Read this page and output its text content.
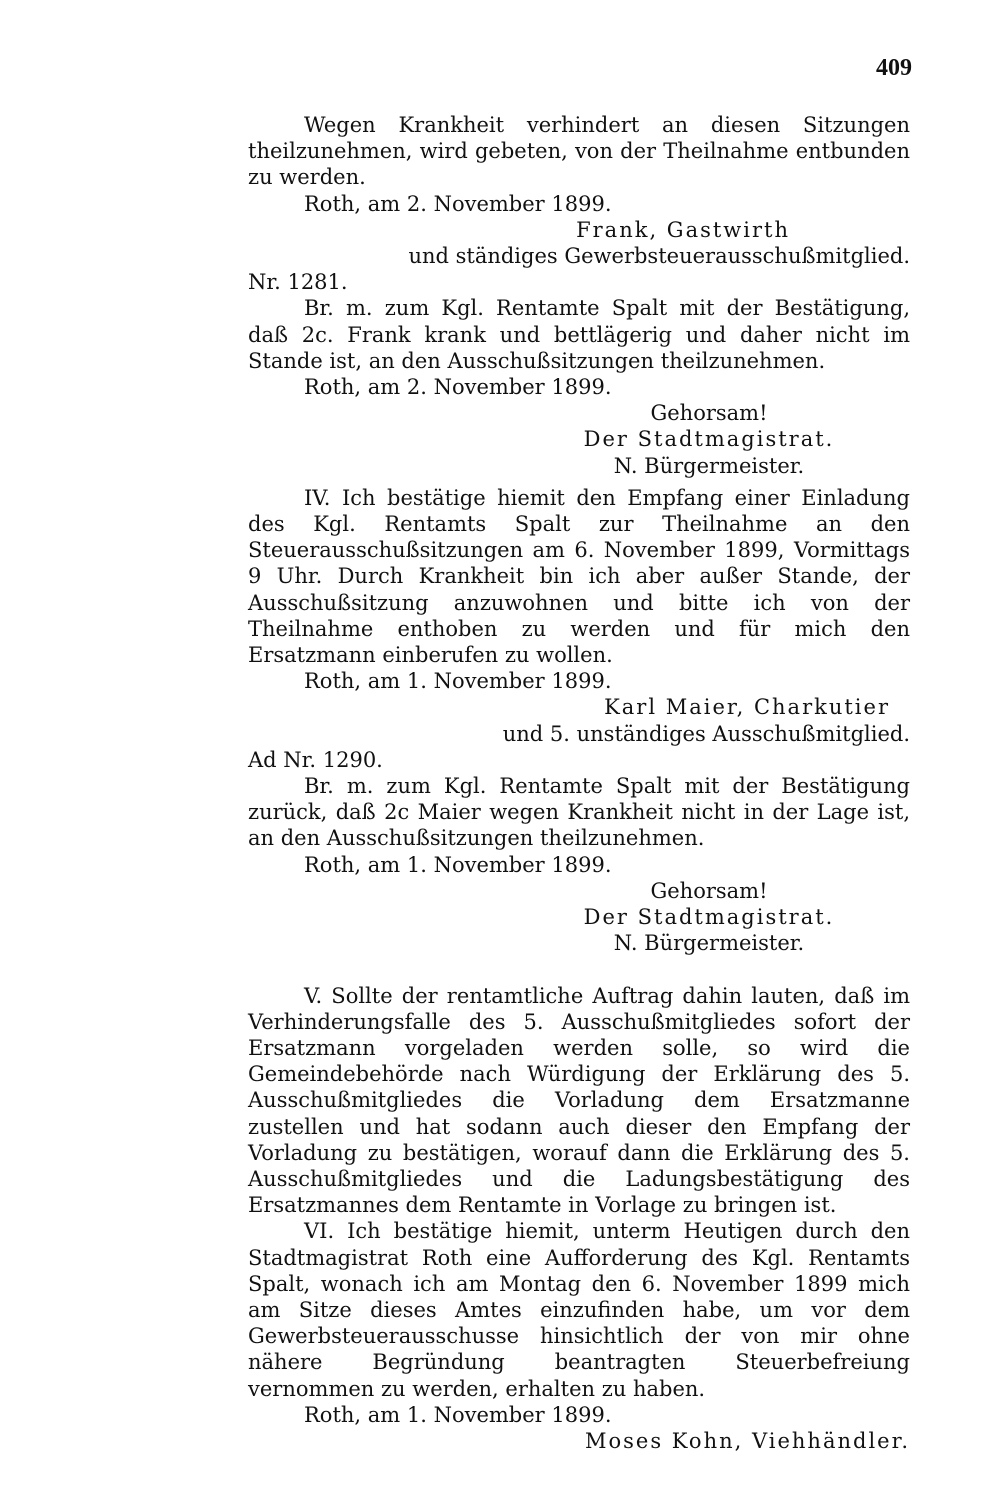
409

Wegen Krankheit verhindert an diesen Sitzungen theilzunehmen, wird gebeten, von der Theilnahme entbunden zu werden.

Roth, am 2. November 1899.

Frank, Gastwirth

und ständiges Gewerbsteuerausschußmitglied.

Nr. 1281.

Br. m. zum Kgl. Rentamte Spalt mit der Bestätigung, daß 2c. Frank krank und bettlägerig und daher nicht im Stande ist, an den Ausschußsitzungen theilzunehmen.

Roth, am 2. November 1899.

Gehorsam!

Der Stadtmagistrat.

N. Bürgermeister.

IV. Ich bestätige hiemit den Empfang einer Einladung des Kgl. Rentamts Spalt zur Theilnahme an den Steuerausschußsitzungen am 6. November 1899, Vormittags 9 Uhr. Durch Krankheit bin ich aber außer Stande, der Ausschußsitzung anzuwohnen und bitte ich von der Theilnahme enthoben zu werden und für mich den Ersatzmann einberufen zu wollen.

Roth, am 1. November 1899.

Karl Maier, Charkutier

und 5. unständiges Ausschußmitglied.

Ad Nr. 1290.

Br. m. zum Kgl. Rentamte Spalt mit der Bestätigung zurück, daß 2c Maier wegen Krankheit nicht in der Lage ist, an den Ausschußsitzungen theilzunehmen.

Roth, am 1. November 1899.

Gehorsam!

Der Stadtmagistrat.

N. Bürgermeister.

V. Sollte der rentamtliche Auftrag dahin lauten, daß im Verhinderungsfalle des 5. Ausschußmitgliedes sofort der Ersatzmann vorgeladen werden solle, so wird die Gemeindebehörde nach Würdigung der Erklärung des 5. Ausschußmitgliedes die Vorladung dem Ersatzmanne zustellen und hat sodann auch dieser den Empfang der Vorladung zu bestätigen, worauf dann die Erklärung des 5. Ausschußmitgliedes und die Ladungsbestätigung des Ersatzmannes dem Rentamte in Vorlage zu bringen ist.

VI. Ich bestätige hiemit, unterm Heutigen durch den Stadtmagistrat Roth eine Aufforderung des Kgl. Rentamts Spalt, wonach ich am Montag den 6. November 1899 mich am Sitze dieses Amtes einzufinden habe, um vor dem Gewerbsteuerausschusse hinsichtlich der von mir ohne nähere Begründung beantragten Steuerbefreiung vernommen zu werden, erhalten zu haben.

Roth, am 1. November 1899.

Moses Kohn, Viehhändler.
